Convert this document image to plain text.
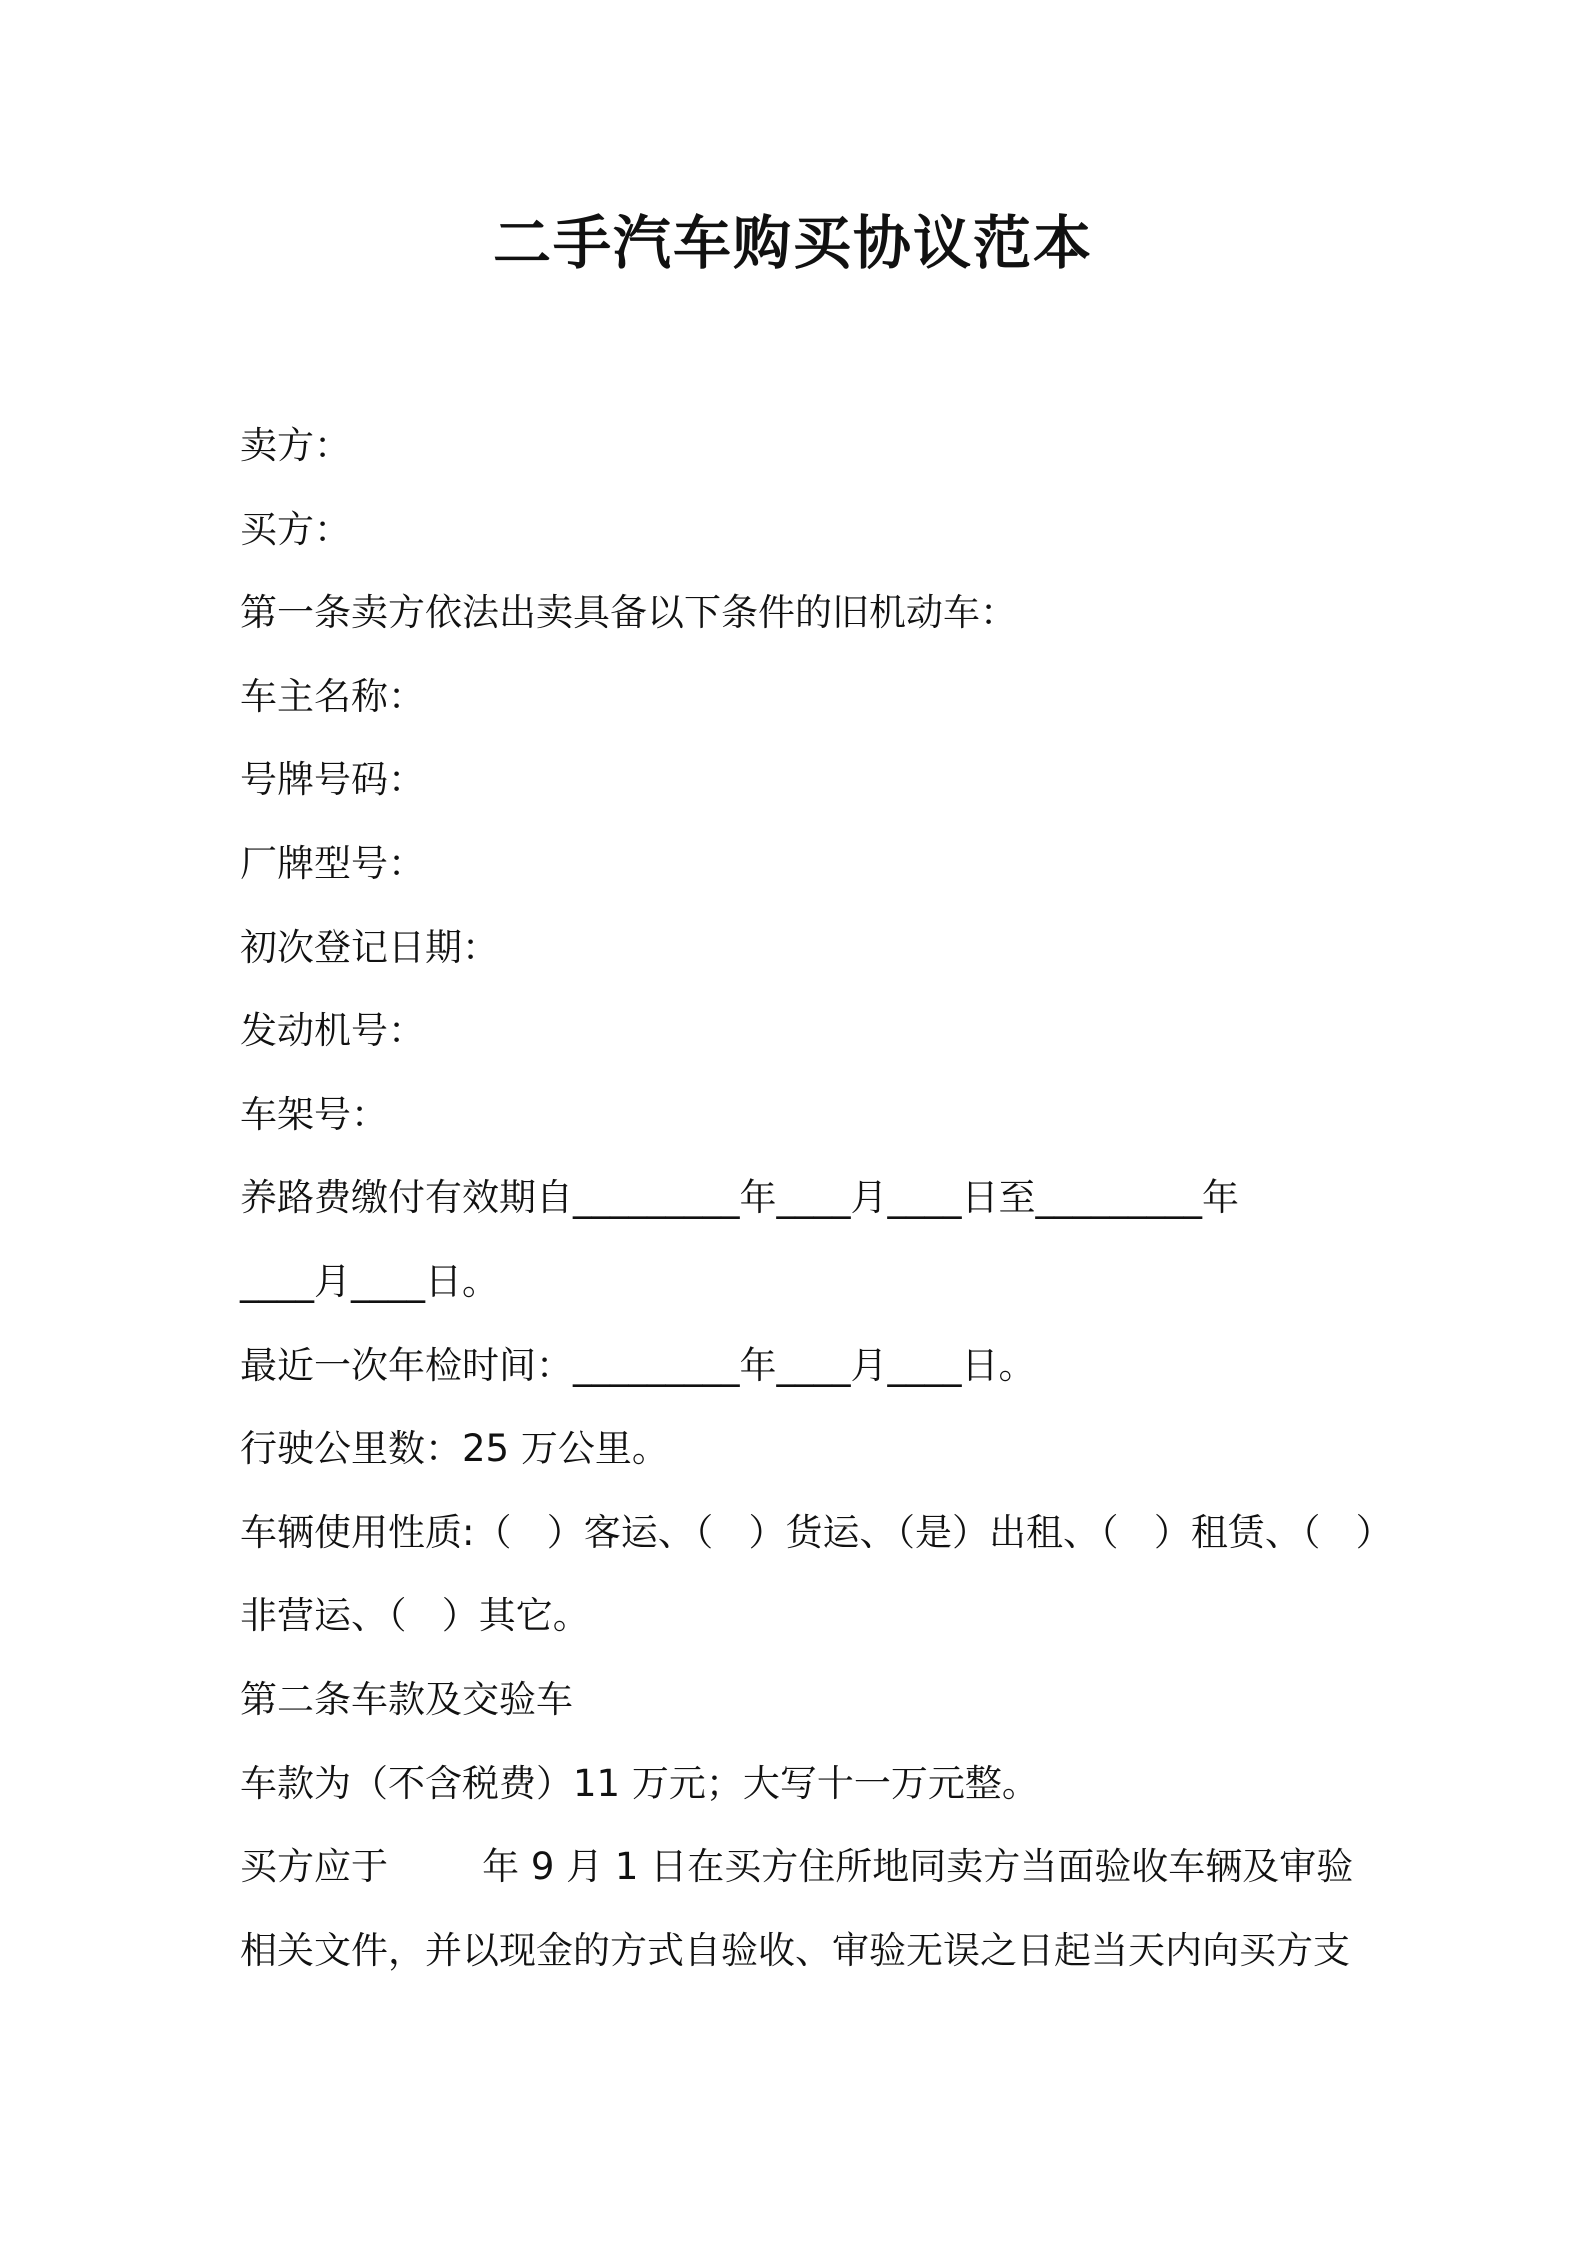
二手汽车购买协议范本

卖方：

买方：

第一条卖方依法出卖具备以下条件的旧机动车：

车主名称：

号牌号码：

厂牌型号：

初次登记日期：

发动机号：

车架号：

养路费缴付有效期自_________年____月____日至_________年

____月____日。

最近一次年检时间：_________年____月____日。

行驶公里数：25 万公里。

车辆使用性质:（   ）客运、（   ）货运、（是）出租、（   ）租赁、（   ）

非营运、（   ）其它。

第二条车款及交验车

车款为（不含税费）11 万元；大写十一万元整。

买方应于        年 9 月 1 日在买方住所地同卖方当面验收车辆及审验

相关文件，并以现金的方式自验收、审验无误之日起当天内向买方支
